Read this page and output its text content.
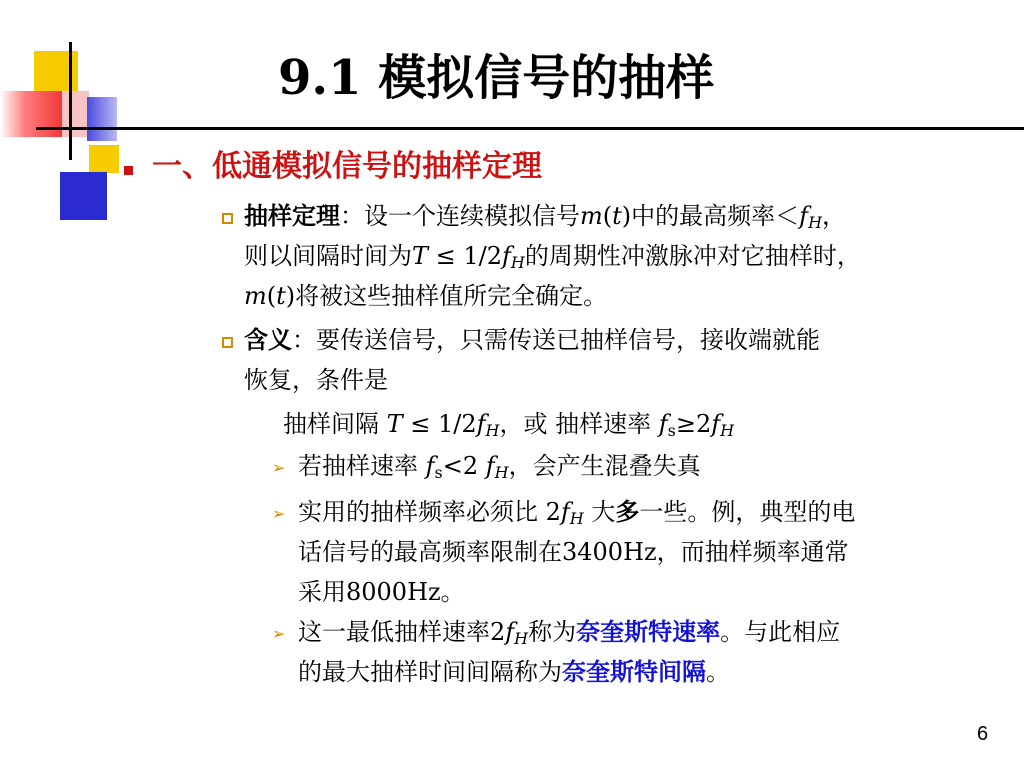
9.1 模拟信号的抽样
一、低通模拟信号的抽样定理

抽样定理：设一个连续模拟信号m(t)中的最高频率$<f_H$，

则以间隔时间为$T \le 1/2f_H$的周期性冲激脉冲对它抽样时，

m(t)将被这些抽样值所完全确定。

含义：要传送信号，只需传送已抽样信号，接收端就能

恢复，条件是

抽样间隔 $T \le 1/2f_H$，或 抽样速率 $f_s\ge 2f_H$

➢ 若抽样速率 $f_s<2$ $f_H$，会产生混叠失真

➢ 实用的抽样频率必须比 $2f_H$ 大多一些。例，典型的电

话信号的最高频率限制在3400Hz，而抽样频率通常

采用8000Hz。

➢ 这一最低抽样速率$2f_H$称为奈奎斯特速率。与此相应

的最大抽样时间间隔称为奈奎斯特间隔。

6
